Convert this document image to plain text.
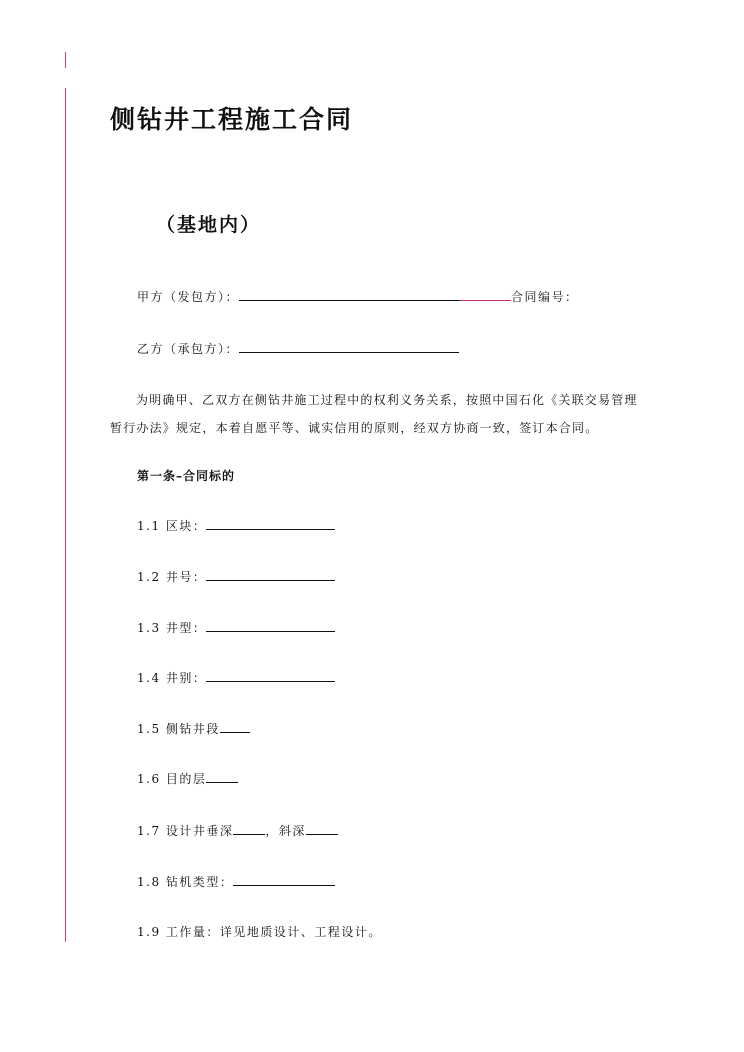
侧钻井工程施工合同
（基地内）
甲方（发包方）：	合同编号：
乙方（承包方）：
为明确甲、乙双方在侧钻井施工过程中的权利义务关系，按照中国石化《关联交易管理暂行办法》规定，本着自愿平等、诚实信用的原则，经双方协商一致，签订本合同。
第一条–合同标的
1.1 区块：
1.2 井号：
1.3 井型：
1.4 井别：
1.5 侧钻井段
1.6 目的层
1.7 设计井垂深	，斜深
1.8 钻机类型：
1.9 工作量：详见地质设计、工程设计。
